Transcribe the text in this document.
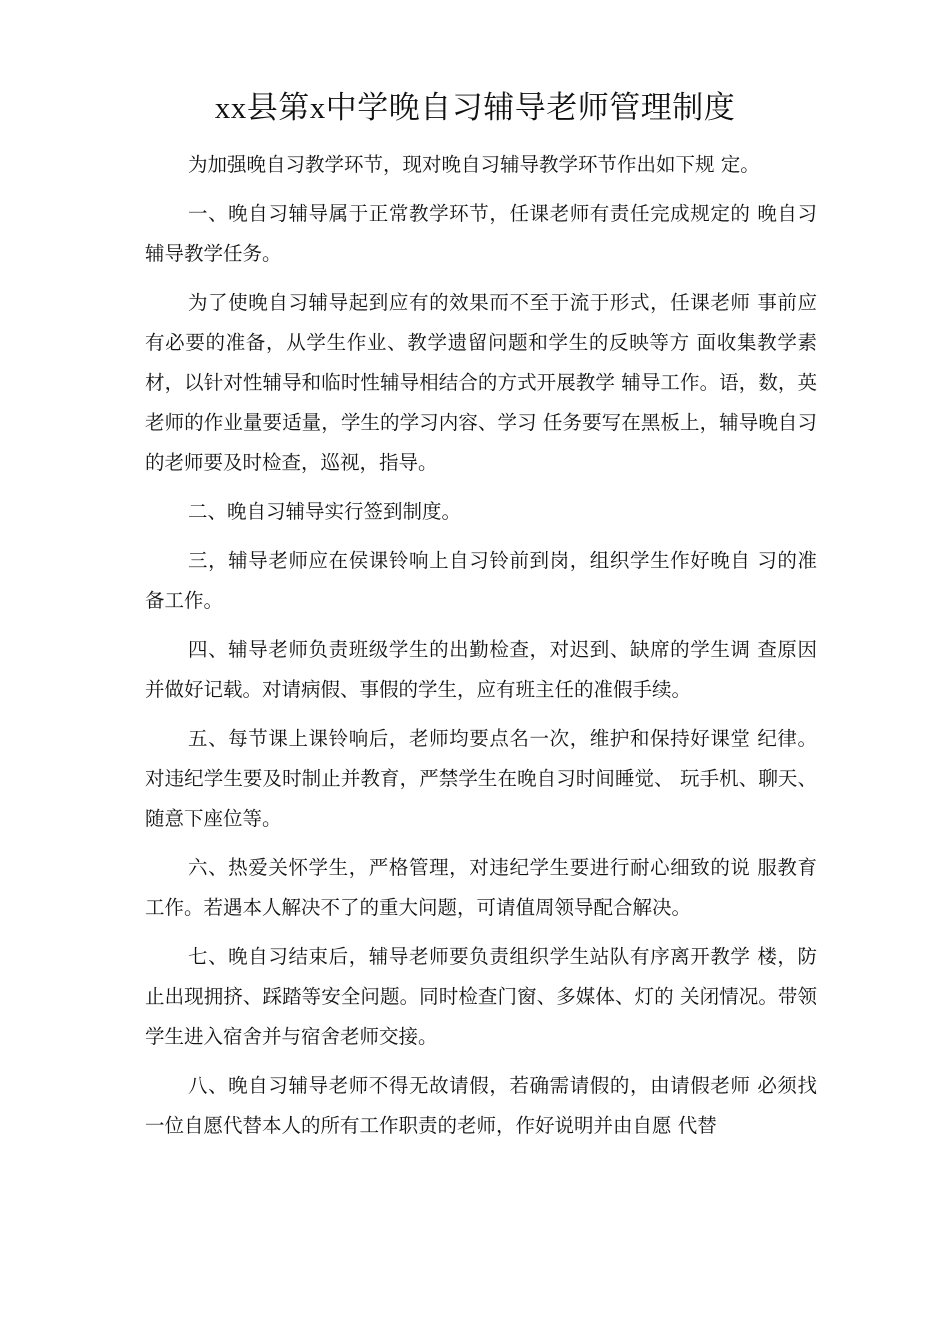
xx县第x中学晚自习辅导老师管理制度

为加强晚自习教学环节，现对晚自习辅导教学环节作出如下规 定。

一、晚自习辅导属于正常教学环节，任课老师有责任完成规定的 晚自习辅导教学任务。

为了使晚自习辅导起到应有的效果而不至于流于形式，任课老师 事前应有必要的准备，从学生作业、教学遗留问题和学生的反映等方 面收集教学素材，以针对性辅导和临时性辅导相结合的方式开展教学 辅导工作。语，数，英老师的作业量要适量，学生的学习内容、学习 任务要写在黑板上，辅导晚自习的老师要及时检查，巡视，指导。

二、晚自习辅导实行签到制度。

三，辅导老师应在侯课铃响上自习铃前到岗，组织学生作好晚自 习的准备工作。

四、辅导老师负责班级学生的出勤检查，对迟到、缺席的学生调 查原因并做好记载。对请病假、事假的学生，应有班主任的准假手续。

五、每节课上课铃响后，老师均要点名一次，维护和保持好课堂 纪律。对违纪学生要及时制止并教育，严禁学生在晚自习时间睡觉、 玩手机、聊天、随意下座位等。

六、热爱关怀学生，严格管理，对违纪学生要进行耐心细致的说 服教育工作。若遇本人解决不了的重大问题，可请值周领导配合解决。

七、晚自习结束后，辅导老师要负责组织学生站队有序离开教学 楼，防止出现拥挤、踩踏等安全问题。同时检查门窗、多媒体、灯的 关闭情况。带领学生进入宿舍并与宿舍老师交接。

八、晚自习辅导老师不得无故请假，若确需请假的，由请假老师 必须找一位自愿代替本人的所有工作职责的老师，作好说明并由自愿 代替
